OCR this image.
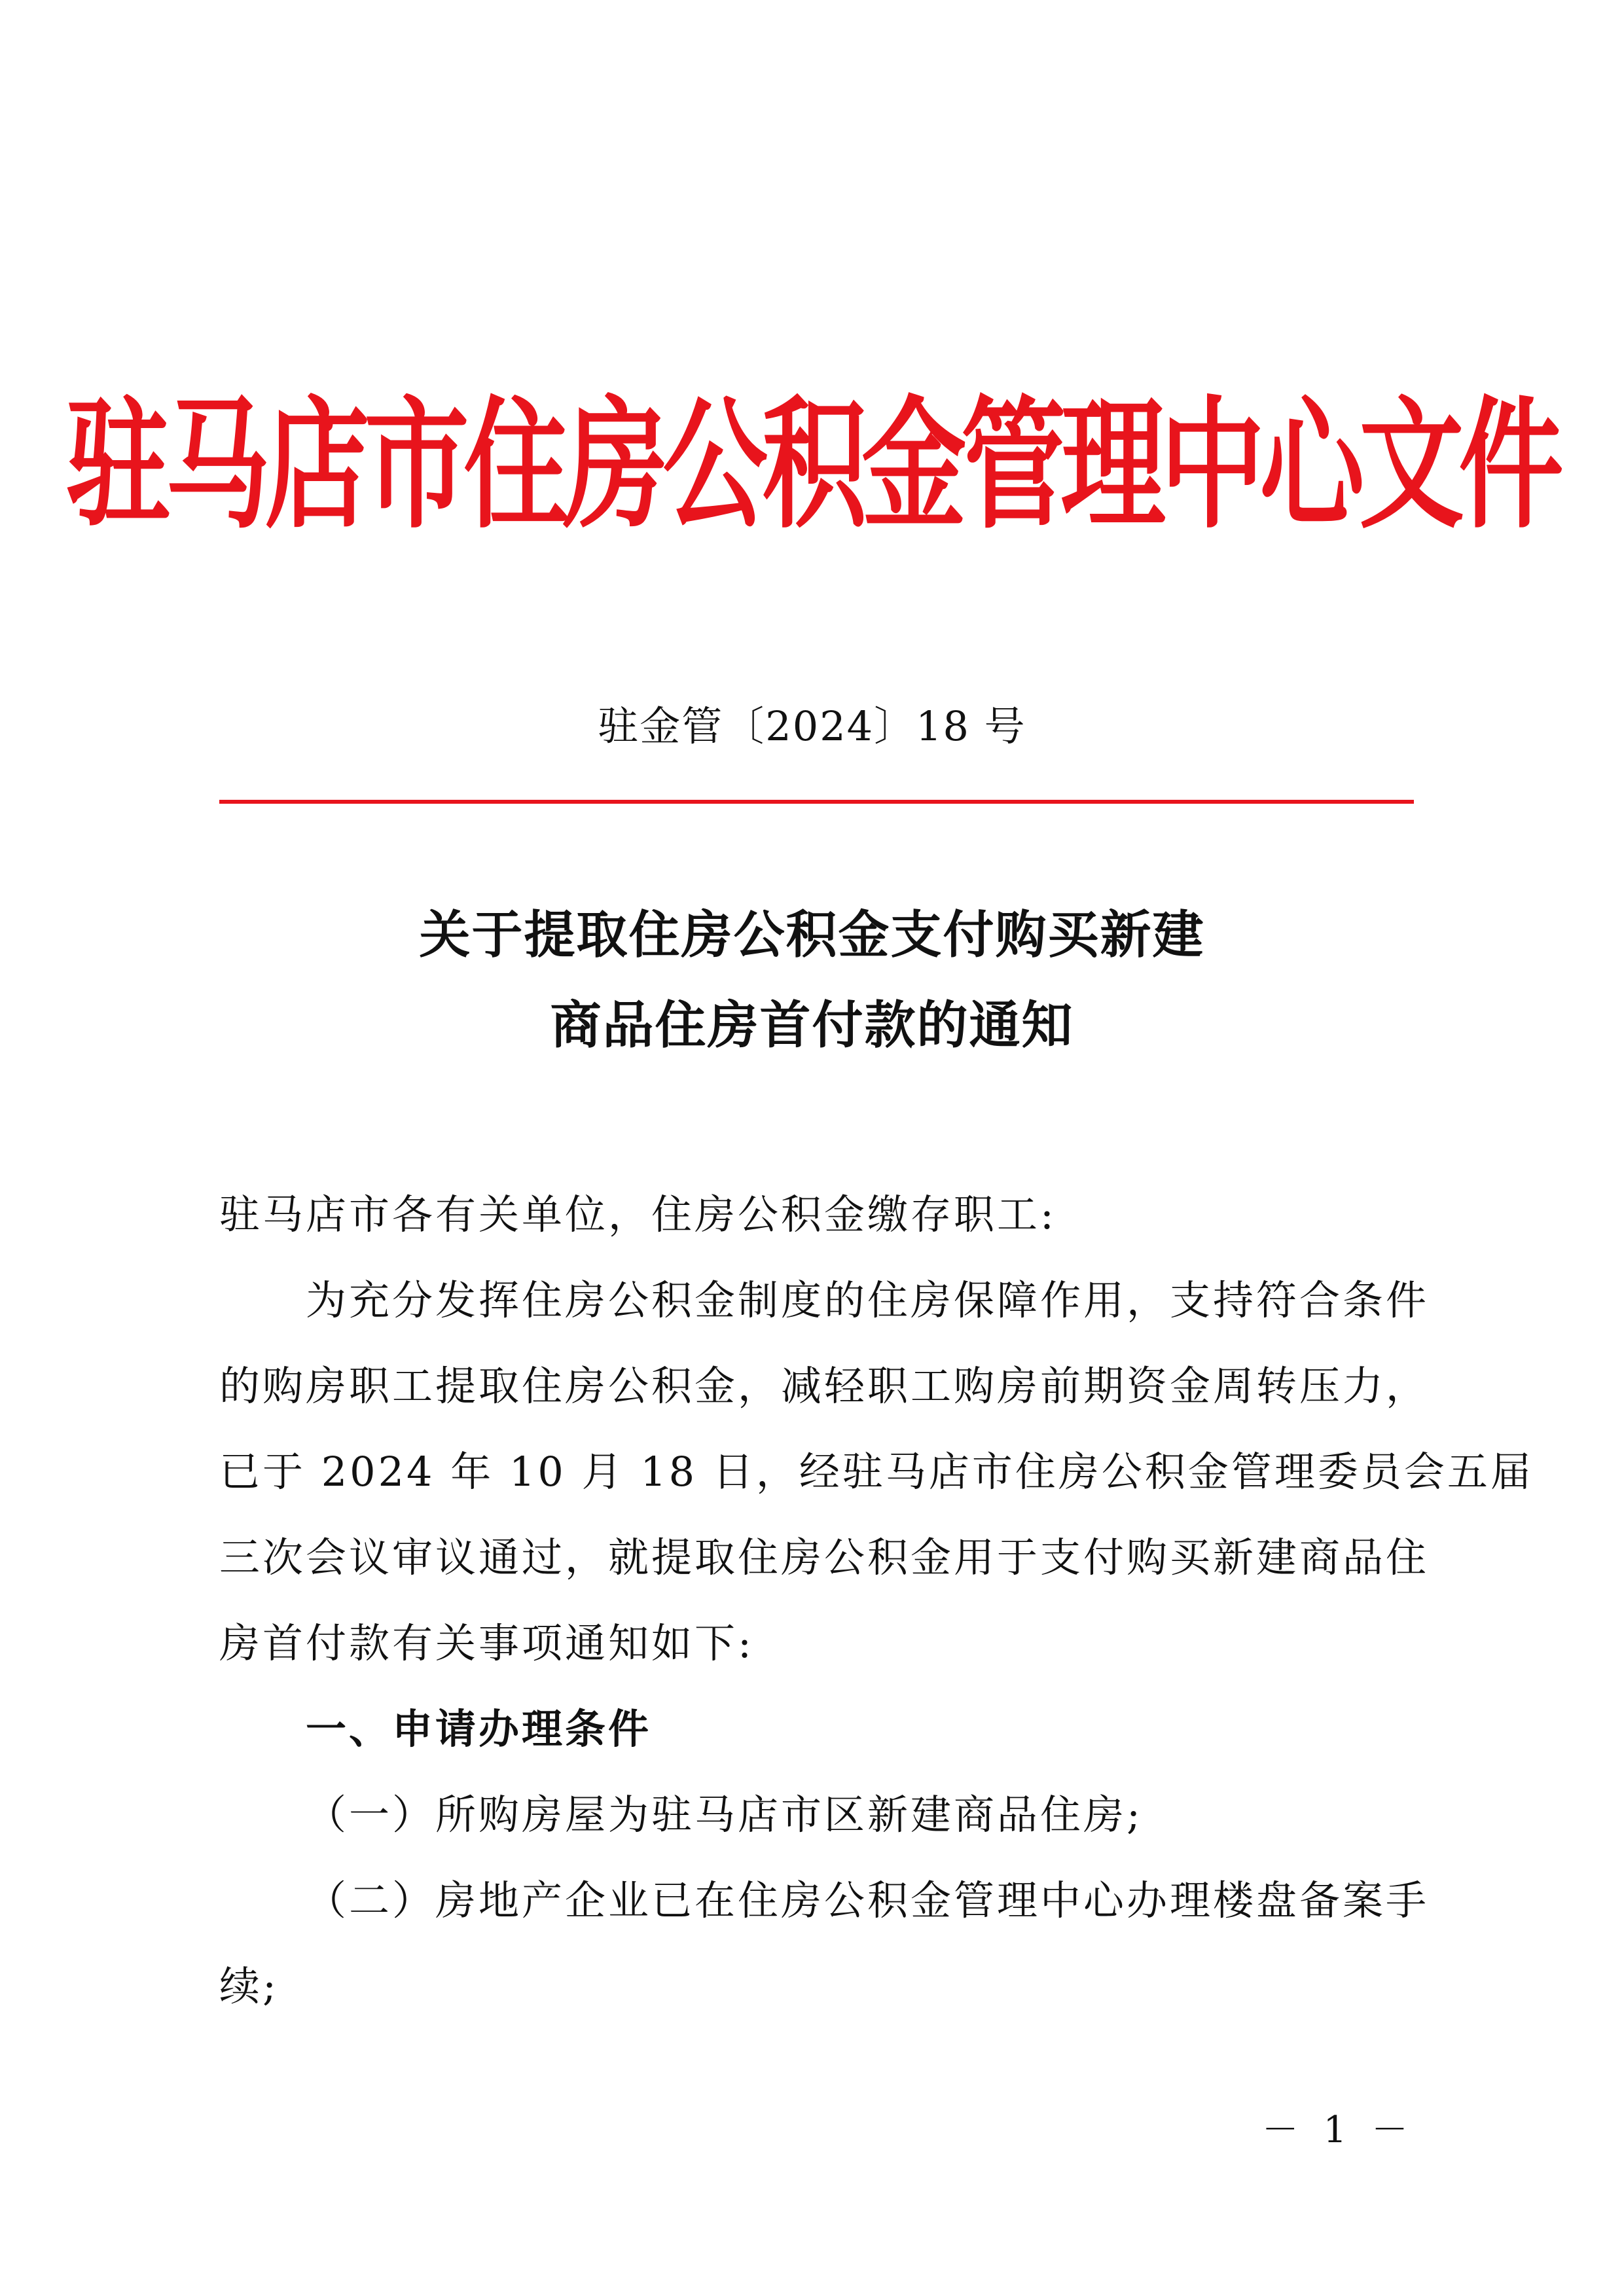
驻马店市住房公积金管理中心文件
驻金管〔2024〕18 号
关于提取住房公积金支付购买新建
商品住房首付款的通知
驻马店市各有关单位，住房公积金缴存职工:
为充分发挥住房公积金制度的住房保障作用，支持符合条件
的购房职工提取住房公积金，减轻职工购房前期资金周转压力，
已于 2024 年 10 月 18 日，经驻马店市住房公积金管理委员会五届
三次会议审议通过，就提取住房公积金用于支付购买新建商品住
房首付款有关事项通知如下:
一、申请办理条件
（一）所购房屋为驻马店市区新建商品住房;
（二）房地产企业已在住房公积金管理中心办理楼盘备案手
续;
－ 1 －
